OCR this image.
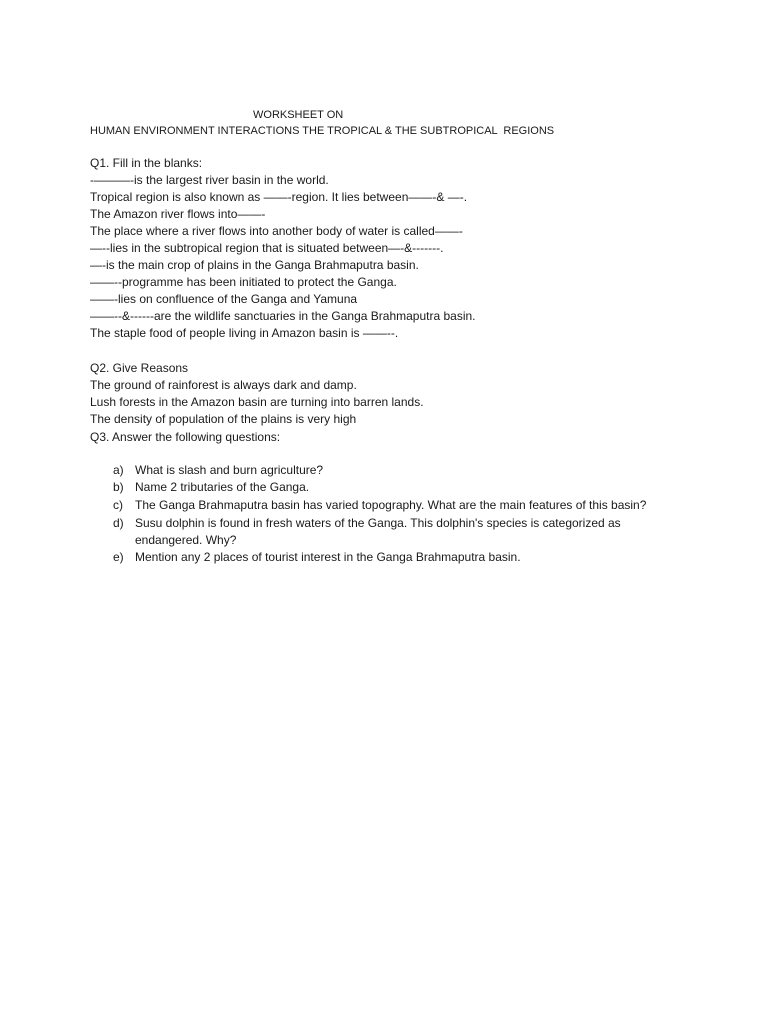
WORKSHEET ON
HUMAN ENVIRONMENT INTERACTIONS THE TROPICAL & THE SUBTROPICAL  REGIONS
Q1. Fill in the blanks:
-———-is the largest river basin in the world.
Tropical region is also known as ——-region. It lies between——-& —-.
The Amazon river flows into——-
The place where a river flows into another body of water is called——-
—--lies in the subtropical region that is situated between—-&-------.
—-is the main crop of plains in the Ganga Brahmaputra basin.
——--programme has been initiated to protect the Ganga.
——-lies on confluence of the Ganga and Yamuna
——--&------are the wildlife sanctuaries in the Ganga Brahmaputra basin.
The staple food of people living in Amazon basin is ——--.
Q2. Give Reasons
The ground of rainforest is always dark and damp.
Lush forests in the Amazon basin are turning into barren lands.
The density of population of the plains is very high
Q3. Answer the following questions:
a) What is slash and burn agriculture?
b) Name 2 tributaries of the Ganga.
c)	The Ganga Brahmaputra basin has varied topography. What are the main features of this basin?
d) Susu dolphin is found in fresh waters of the Ganga. This dolphin's species is categorized as endangered. Why?
e) Mention any 2 places of tourist interest in the Ganga Brahmaputra basin.
